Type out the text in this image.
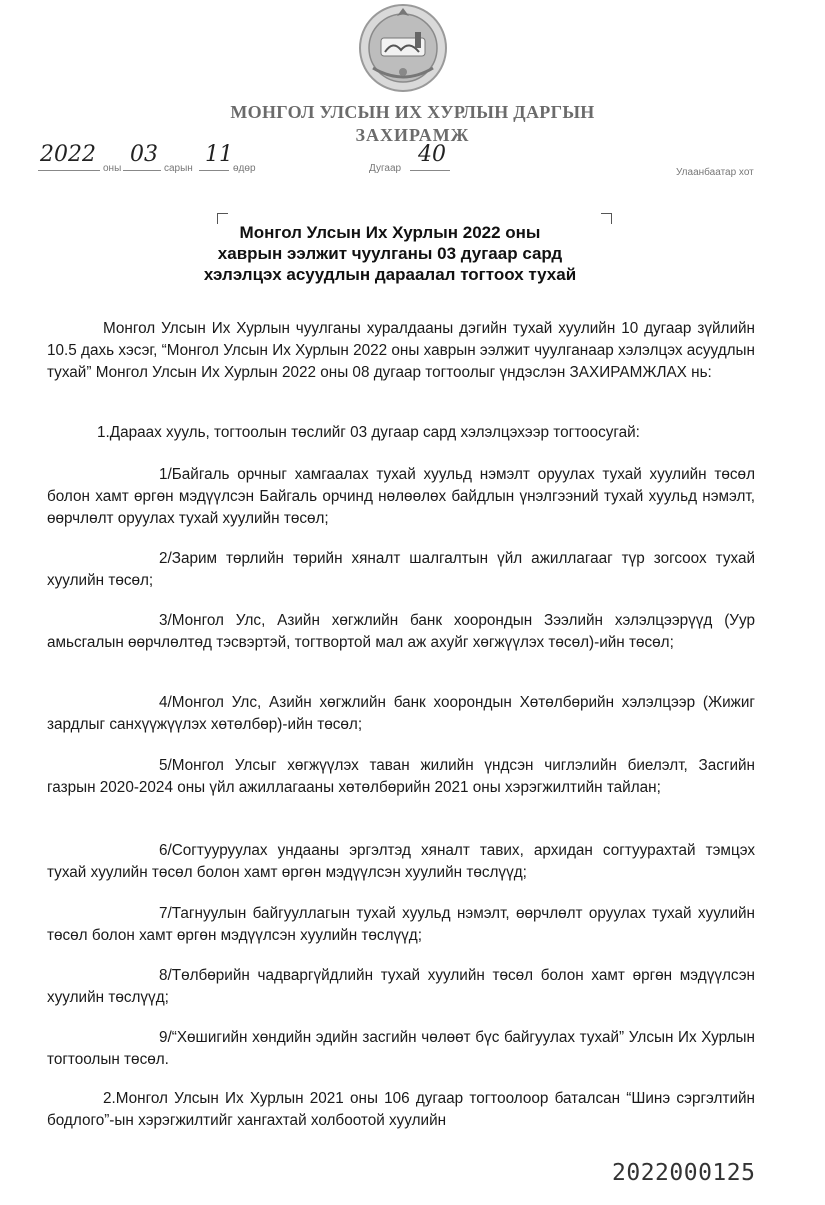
МОНГОЛ УЛСЫН ИХ ХУРЛЫН ДАРГЫН
ЗАХИРАМЖ
2022
оны
03
сарын
11
өдөр	Дугаар
40
Улаанбаатар хот
Монгол Улсын Их Хурлын 2022 оны
хаврын ээлжит чуулганы 03 дугаар сард
хэлэлцэх асуудлын дараалал тогтоох тухай
Монгол Улсын Их Хурлын чуулганы хуралдааны дэгийн тухай хуулийн 10 дугаар зүйлийн 10.5 дахь хэсэг, “Монгол Улсын Их Хурлын 2022 оны хаврын ээлжит чуулганаар хэлэлцэх асуудлын тухай” Монгол Улсын Их Хурлын 2022 оны 08 дугаар тогтоолыг үндэслэн ЗАХИРАМЖЛАХ нь:
1.Дараах хууль, тогтоолын төслийг 03 дугаар сард хэлэлцэхээр тогтоосугай:
1/Байгаль орчныг хамгаалах тухай хуульд нэмэлт оруулах тухай хуулийн төсөл болон хамт өргөн мэдүүлсэн Байгаль орчинд нөлөөлөх байдлын үнэлгээний тухай хуульд нэмэлт, өөрчлөлт оруулах тухай хуулийн төсөл;
2/Зарим төрлийн төрийн хяналт шалгалтын үйл ажиллагааг түр зогсоох тухай хуулийн төсөл;
3/Монгол Улс, Азийн хөгжлийн банк хоорондын Зээлийн хэлэлцээрүүд (Уур амьсгалын өөрчлөлтөд тэсвэртэй, тогтвортой мал аж ахуйг хөгжүүлэх төсөл)-ийн төсөл;
4/Монгол Улс, Азийн хөгжлийн банк хоорондын Хөтөлбөрийн хэлэлцээр (Жижиг зардлыг санхүүжүүлэх хөтөлбөр)-ийн төсөл;
5/Монгол Улсыг хөгжүүлэх таван жилийн үндсэн чиглэлийн биелэлт, Засгийн газрын 2020-2024 оны үйл ажиллагааны хөтөлбөрийн 2021 оны хэрэгжилтийн тайлан;
6/Согтууруулах ундааны эргэлтэд хяналт тавих, архидан согтуурахтай тэмцэх тухай хуулийн төсөл болон хамт өргөн мэдүүлсэн хуулийн төслүүд;
7/Тагнуулын байгууллагын тухай хуульд нэмэлт, өөрчлөлт оруулах тухай хуулийн төсөл болон хамт өргөн мэдүүлсэн хуулийн төслүүд;
8/Төлбөрийн чадваргүйдлийн тухай хуулийн төсөл болон хамт өргөн мэдүүлсэн хуулийн төслүүд;
9/“Хөшигийн хөндийн эдийн засгийн чөлөөт бүс байгуулах тухай” Улсын Их Хурлын тогтоолын төсөл.
2.Монгол Улсын Их Хурлын 2021 оны 106 дугаар тогтоолоор баталсан “Шинэ сэргэлтийн бодлого”-ын хэрэгжилтийг хангахтай холбоотой хуулийн
2022000125
